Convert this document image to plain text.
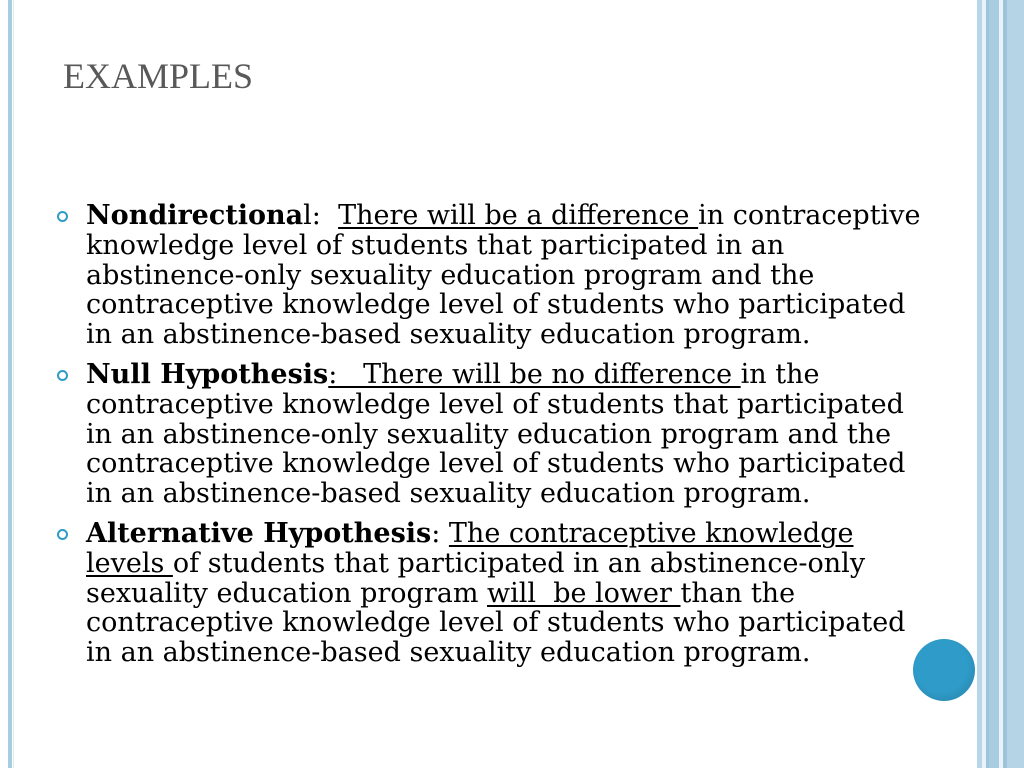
EXAMPLES
Nondirectional:  There will be a difference in contraceptive
knowledge level of students that participated in an
abstinence-only sexuality education program and the
contraceptive knowledge level of students who participated
in an abstinence-based sexuality education program.
Null Hypothesis:   There will be no difference in the
contraceptive knowledge level of students that participated
in an abstinence-only sexuality education program and the
contraceptive knowledge level of students who participated
in an abstinence-based sexuality education program.
Alternative Hypothesis: The contraceptive knowledge
levels of students that participated in an abstinence-only
sexuality education program will  be lower than the
contraceptive knowledge level of students who participated
in an abstinence-based sexuality education program.
